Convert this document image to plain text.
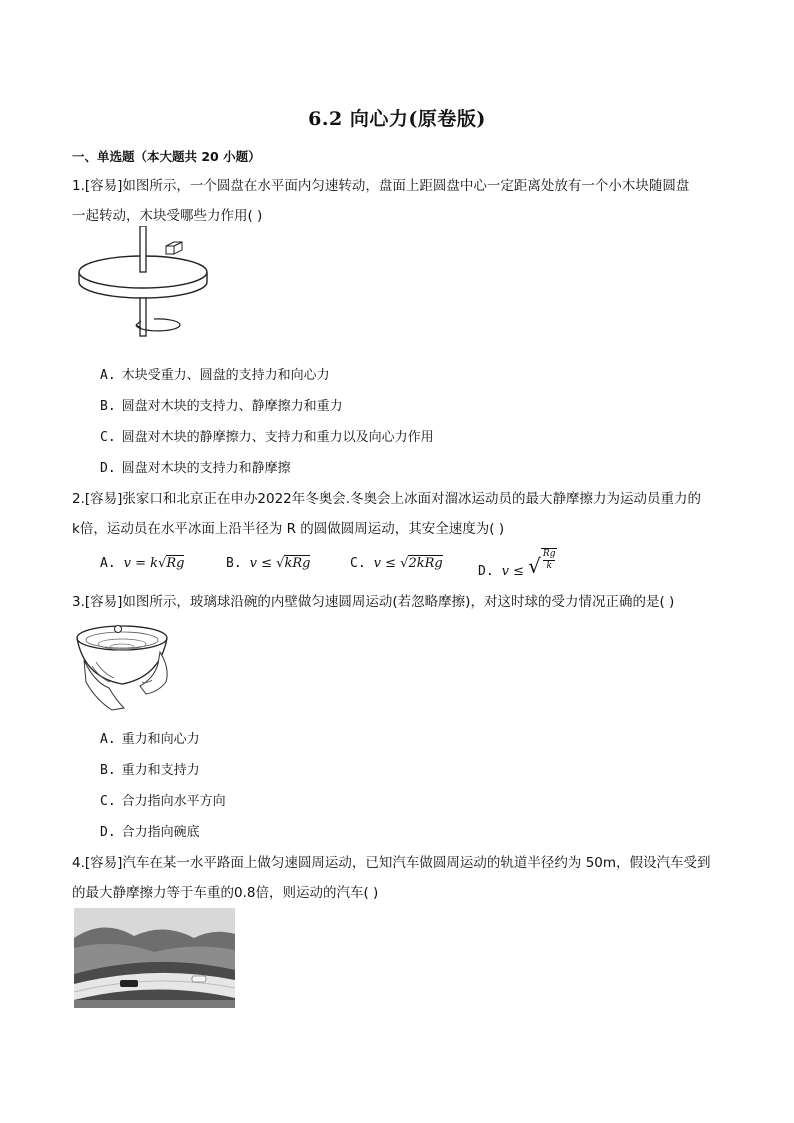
6.2 向心力(原卷版)
一、单选题（本大题共 20 小题）
1.[容易]如图所示，一个圆盘在水平面内匀速转动，盘面上距圆盘中心一定距离处放有一个小木块随圆盘
一起转动，木块受哪些力作用( )
A. 木块受重力、圆盘的支持力和向心力
B. 圆盘对木块的支持力、静摩擦力和重力
C. 圆盘对木块的静摩擦力、支持力和重力以及向心力作用
D. 圆盘对木块的支持力和静摩擦
2.[容易]张家口和北京正在申办2022年冬奥会.冬奥会上冰面对溜冰运动员的最大静摩擦力为运动员重力的
k倍，运动员在水平冰面上沿半径为 R 的圆做圆周运动，其安全速度为( )
A. v = k√Rg	B. v ≤ √kRg	C. v ≤ √2kRg
D. v ≤ √ $\frac{Rg}{k}$
3.[容易]如图所示，玻璃球沿碗的内壁做匀速圆周运动(若忽略摩擦)，对这时球的受力情况正确的是( )
A. 重力和向心力
B. 重力和支持力
C. 合力指向水平方向
D. 合力指向碗底
4.[容易]汽车在某一水平路面上做匀速圆周运动，已知汽车做圆周运动的轨道半径约为 50m，假设汽车受到
的最大静摩擦力等于车重的0.8倍，则运动的汽车( )
